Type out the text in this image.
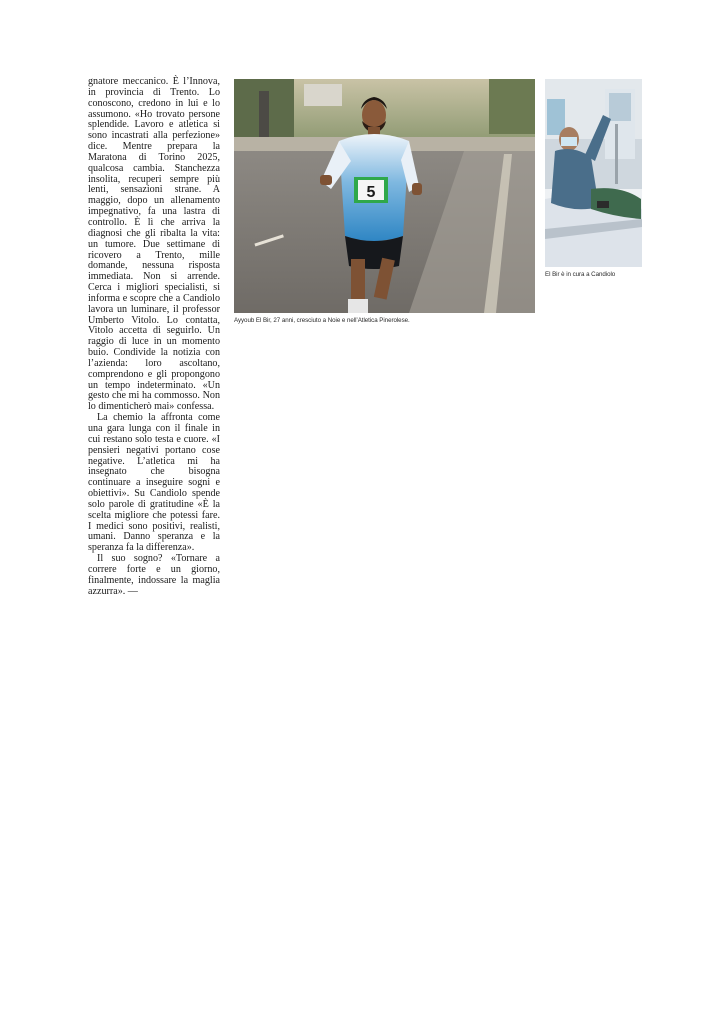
gnatore meccanico. È l’Innova, in provincia di Trento. Lo conoscono, credono in lui e lo assumono. «Ho trovato persone splendide. Lavoro e atletica si sono incastrati alla perfezione» dice. Mentre prepara la Maratona di Torino 2025, qualcosa cambia. Stanchezza insolita, recuperi sempre più lenti, sensazioni strane. A maggio, dopo un allenamento impegnativo, fa una lastra di controllo. È lì che arriva la diagnosi che gli ribalta la vita: un tumore. Due settimane di ricovero a Trento, mille domande, nessuna risposta immediata. Non si arrende. Cerca i migliori specialisti, si informa e scopre che a Candiolo lavora un luminare, il professor Umberto Vitolo. Lo contatta, Vitolo accetta di seguirlo. Un raggio di luce in un momento buio. Condivide la notizia con l’azienda: loro ascoltano, comprendono e gli propongono un tempo indeterminato. «Un gesto che mi ha commosso. Non lo dimenticherò mai» confessa.

La chemio la affronta come una gara lunga con il finale in cui restano solo testa e cuore. «I pensieri negativi portano cose negative. L’atletica mi ha insegnato che bisogna continuare a inseguire sogni e obiettivi». Su Candiolo spende solo parole di gratitudine «È la scelta migliore che potessi fare. I medici sono positivi, realisti, umani. Danno speranza e la speranza fa la differenza».

Il suo sogno? «Tornare a correre forte e un giorno, finalmente, indossare la maglia azzurra». —

5
Ayyoub El Bir, 27 anni, cresciuto a Noie e nell’Atletica Pinerolese.
El Bir è in cura a Candiolo
